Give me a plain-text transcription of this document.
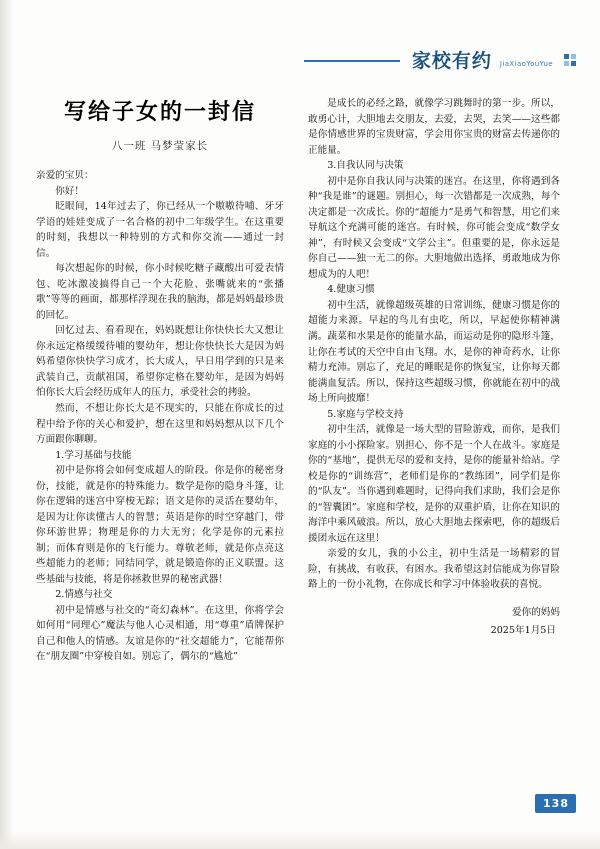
家校有约 JiaXiaoYouYue
写给子女的一封信
八一班 马梦莹家长

亲爱的宝贝：

你好！

眨眼间，14年过去了，你已经从一个嗷嗷待哺、牙牙学语的娃娃变成了一名合格的初中二年级学生。在这重要的时刻，我想以一种特别的方式和你交流——通过一封信。

每次想起你的时候，你小时候吃糖子藏酸出可爱表情包、吃冰激凌搞得自己一个大花脸、张嘴就来的“张播歌”等等的画面，都那样浮现在我的脑海，都是妈妈最珍贵的回忆。

回忆过去、看看现在，妈妈既想让你快快长大又想让你永远定格缓缓待哺的婴幼年，想让你快快长大是因为妈妈希望你快快学习成才，长大成人，早日用学到的只是来武装自己，贡献祖国，希望你定格在婴幼年，是因为妈妈怕你长大后会经历成年人的压力，承受社会的拷验。

然而，不想让你长大是不现实的，只能在你成长的过程中给予你的关心和爱护，想在这里和妈妈想从以下几个方面跟你聊聊。

1.学习基础与技能

初中是你将会如何变成超人的阶段。你是你的秘密身份，技能，就是你的特殊能力。数学是你的隐身斗篷，让你在逻辑的迷宫中穿梭无踪；语文是你的灵活在婴幼年，是因为让你读懂古人的智慧；英语是你的时空穿越门，带你环游世界；物理是你的力大无穷；化学是你的元素拉制；而体育则是你的飞行能力。尊敬老师，就是你点亮这些超能力的老师；同结同学，就是锻造你的正义联盟。这些基础与技能，将是你拯救世界的秘密武器！

2.情感与社交

初中是情感与社交的“奇幻森林”。在这里，你将学会如何用“同理心”魔法与他人心灵相通，用“尊重”盾牌保护自己和他人的情感。友谊是你的“社交超能力”，它能帮你在“朋友圈”中穿梭自如。别忘了，偶尔的“尴尬”

是成长的必经之路，就像学习跳舞时的第一步。所以，敢勇心计，大胆地去交朋友，去爱，去哭，去笑——这些都是你情感世界的宝贵财富，学会用你宝贵的财富去传递你的正能量。

3.自我认同与决策

初中是你自我认同与决策的迷宫。在这里，你将遇到各种“我是谁”的谜题。别担心，每一次错都是一次成熟，每个决定都是一次成长。你的“超能力”是勇气和智慧，用它们来导航这个充满可能的迷宫。有时候，你可能会变成“数学女神”，有时候又会变成“文学公主”。但重要的是，你永远是你自己——独一无二的你。大胆地做出选择，勇敢地成为你想成为的人吧！

4.健康习惯

初中生活，就像超级英雄的日常训练，健康习惯是你的超能力来源。早起的鸟儿有虫吃，所以，早起使你精神满满。蔬菜和水果是你的能量水晶，而运动是你的隐形斗篷，让你在考试的天空中自由飞翔。水，是你的神奇药水，让你精力充沛。别忘了，充足的睡眠是你的恢复宝，让你每天都能满血复活。所以，保持这些超级习惯，你就能在初中的战场上所向披靡！

5.家庭与学校支持

初中生活，就像是一场大型的冒险游戏，而你，是我们家庭的小小探险家。别担心，你不是一个人在战斗。家庭是你的“基地”，提供无尽的爱和支持，是你的能量补给站。学校是你的“训练营”，老师们是你的“教练团”，同学们是你的“队友”。当你遇到难题时，记得向我们求助，我们会是你的“智囊团”。家庭和学校，是你的双重护盾，让你在知识的海洋中乘风破浪。所以，放心大胆地去探索吧，你的超级后援团永远在这里！

亲爱的女儿，我的小公主，初中生活是一场精彩的冒险，有挑战，有收获，有困水。我希望这封信能成为你冒险路上的一份小礼物，在你成长和学习中体验收获的喜悦。

爱你的妈妈

2025年1月5日

138
